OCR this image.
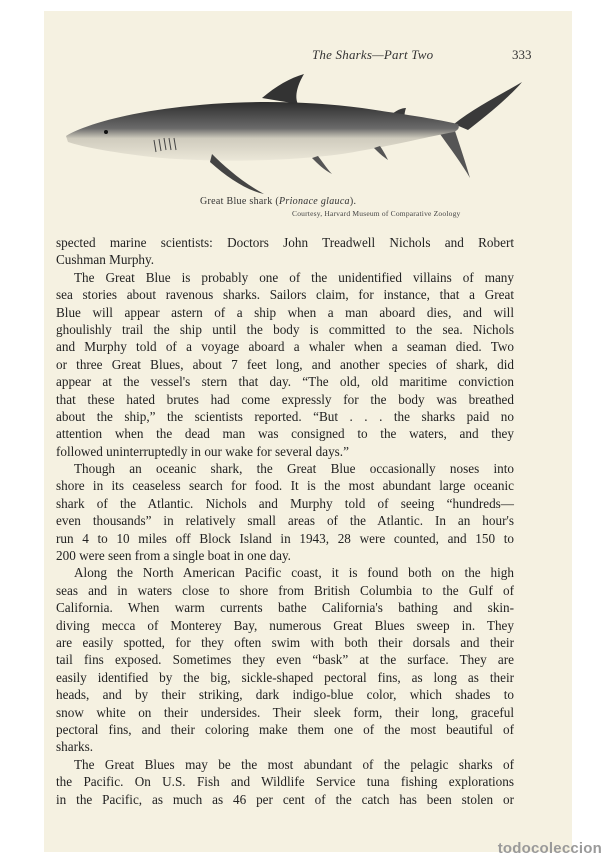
The Sharks—Part Two	333
Great Blue shark (Prionace glauca).
Courtesy, Harvard Museum of Comparative Zoology
spected marine scientists: Doctors John Treadwell Nichols and Robert
Cushman Murphy.
The Great Blue is probably one of the unidentified villains of many
sea stories about ravenous sharks. Sailors claim, for instance, that a Great
Blue will appear astern of a ship when a man aboard dies, and will
ghoulishly trail the ship until the body is committed to the sea. Nichols
and Murphy told of a voyage aboard a whaler when a seaman died. Two
or three Great Blues, about 7 feet long, and another species of shark, did
appear at the vessel's stern that day. “The old, old maritime conviction
that these hated brutes had come expressly for the body was breathed
about the ship,” the scientists reported. “But . . . the sharks paid no
attention when the dead man was consigned to the waters, and they
followed uninterruptedly in our wake for several days.”
Though an oceanic shark, the Great Blue occasionally noses into
shore in its ceaseless search for food. It is the most abundant large oceanic
shark of the Atlantic. Nichols and Murphy told of seeing “hundreds—
even thousands” in relatively small areas of the Atlantic. In an hour's
run 4 to 10 miles off Block Island in 1943, 28 were counted, and 150 to
200 were seen from a single boat in one day.
Along the North American Pacific coast, it is found both on the high
seas and in waters close to shore from British Columbia to the Gulf of
California. When warm currents bathe California's bathing and skin-
diving mecca of Monterey Bay, numerous Great Blues sweep in. They
are easily spotted, for they often swim with both their dorsals and their
tail fins exposed. Sometimes they even “bask” at the surface. They are
easily identified by the big, sickle-shaped pectoral fins, as long as their
heads, and by their striking, dark indigo-blue color, which shades to
snow white on their undersides. Their sleek form, their long, graceful
pectoral fins, and their coloring make them one of the most beautiful of
sharks.
The Great Blues may be the most abundant of the pelagic sharks of
the Pacific. On U.S. Fish and Wildlife Service tuna fishing explorations
in the Pacific, as much as 46 per cent of the catch has been stolen or
todocoleccion
